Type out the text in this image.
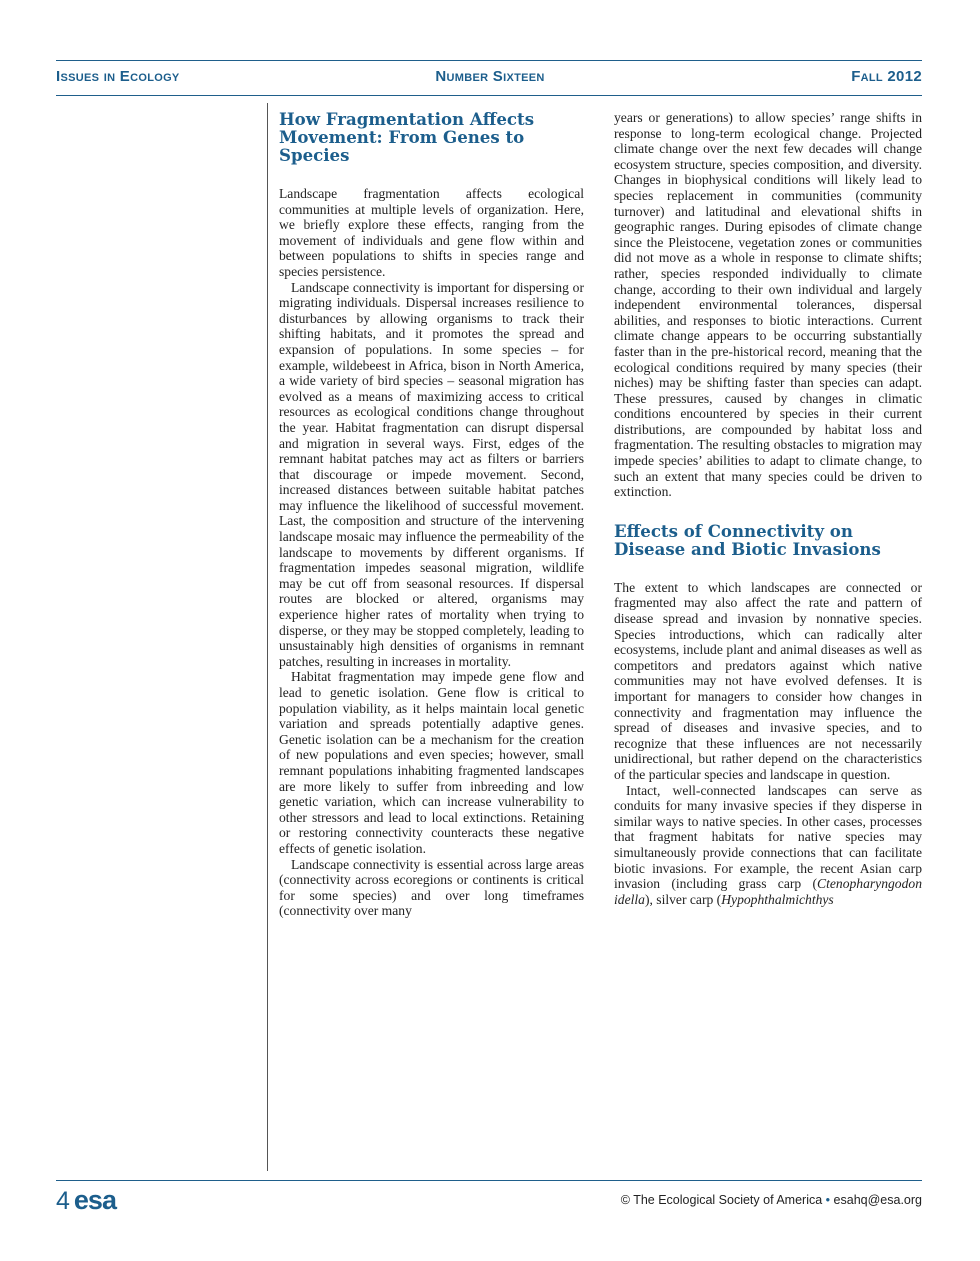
Issues in Ecology	Number Sixteen	Fall 2012
How Fragmentation Affects Movement: From Genes to Species

Landscape fragmentation affects ecological communities at multiple levels of organization. Here, we briefly explore these effects, ranging from the movement of individuals and gene flow within and between populations to shifts in species range and species persistence.

Landscape connectivity is important for dispersing or migrating individuals. Dispersal increases resilience to disturbances by allowing organisms to track their shifting habitats, and it promotes the spread and expansion of populations. In some species – for example, wildebeest in Africa, bison in North America, a wide variety of bird species – seasonal migration has evolved as a means of maximizing access to critical resources as ecological conditions change throughout the year. Habitat fragmentation can disrupt dispersal and migration in several ways. First, edges of the remnant habitat patches may act as filters or barriers that discourage or impede movement. Second, increased distances between suitable habitat patches may influence the likelihood of successful movement. Last, the composition and structure of the intervening landscape mosaic may influence the permeability of the landscape to movements by different organisms. If fragmentation impedes seasonal migration, wildlife may be cut off from seasonal resources. If dispersal routes are blocked or altered, organisms may experience higher rates of mortality when trying to disperse, or they may be stopped completely, leading to unsustainably high densities of organisms in remnant patches, resulting in increases in mortality.

Habitat fragmentation may impede gene flow and lead to genetic isolation. Gene flow is critical to population viability, as it helps maintain local genetic variation and spreads potentially adaptive genes. Genetic isolation can be a mechanism for the creation of new populations and even species; however, small remnant populations inhabiting fragmented landscapes are more likely to suffer from inbreeding and low genetic variation, which can increase vulnerability to other stressors and lead to local extinctions. Retaining or restoring connectivity counteracts these negative effects of genetic isolation.

Landscape connectivity is essential across large areas (connectivity across ecoregions or continents is critical for some species) and over long timeframes (connectivity over many

years or generations) to allow species’ range shifts in response to long-term ecological change. Projected climate change over the next few decades will change ecosystem structure, species composition, and diversity. Changes in biophysical conditions will likely lead to species replacement in communities (community turnover) and latitudinal and elevational shifts in geographic ranges. During episodes of climate change since the Pleistocene, vegetation zones or communities did not move as a whole in response to climate shifts; rather, species responded individually to climate change, according to their own individual and largely independent environmental tolerances, dispersal abilities, and responses to biotic interactions. Current climate change appears to be occurring substantially faster than in the pre-historical record, meaning that the ecological conditions required by many species (their niches) may be shifting faster than species can adapt. These pressures, caused by changes in climatic conditions encountered by species in their current distributions, are compounded by habitat loss and fragmentation. The resulting obstacles to migration may impede species’ abilities to adapt to climate change, to such an extent that many species could be driven to extinction.

Effects of Connectivity on Disease and Biotic Invasions

The extent to which landscapes are connected or fragmented may also affect the rate and pattern of disease spread and invasion by nonnative species. Species introductions, which can radically alter ecosystems, include plant and animal diseases as well as competitors and predators against which native communities may not have evolved defenses. It is important for managers to consider how changes in connectivity and fragmentation may influence the spread of diseases and invasive species, and to recognize that these influences are not necessarily unidirectional, but rather depend on the characteristics of the particular species and landscape in question.

Intact, well-connected landscapes can serve as conduits for many invasive species if they disperse in similar ways to native species. In other cases, processes that fragment habitats for native species may simultaneously provide connections that can facilitate biotic invasions. For example, the recent Asian carp invasion (including grass carp (Ctenopharyngodon idella), silver carp (Hypophthalmichthys

4 esa	© The Ecological Society of America • esahq@esa.org
